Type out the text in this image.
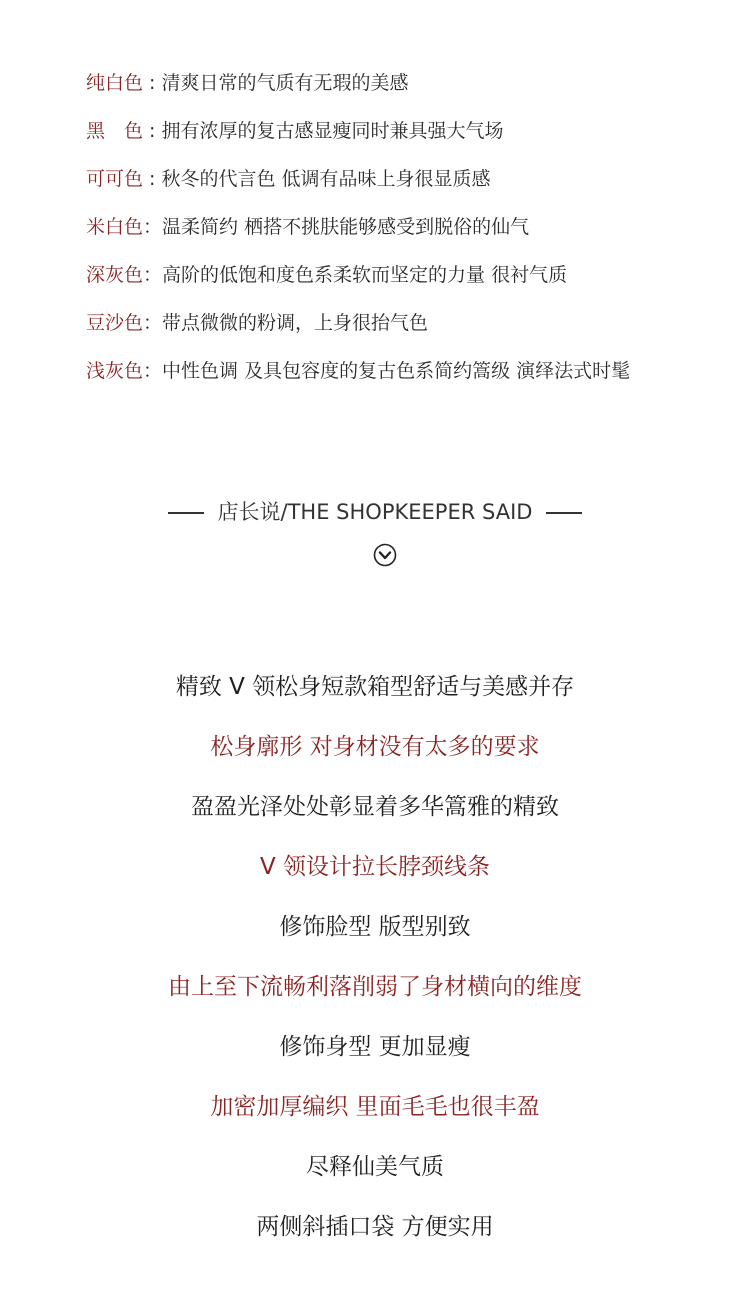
纯白色 : 清爽日常的气质有无瑕的美感
黑　色 : 拥有浓厚的复古感显瘦同时兼具强大气场
可可色 : 秋冬的代言色 低调有品味上身很显质感
米白色：温柔简约 栖搭不挑肤能够感受到脱俗的仙气
深灰色：高阶的低饱和度色系柔软而坚定的力量 很衬气质
豆沙色：带点微微的粉调，上身很抬气色
浅灰色：中性色调 及具包容度的复古色系简约篙级 演绎法式时髦
店长说/THE SHOPKEEPER SAID
精致 V 领松身短款箱型舒适与美感并存
松身廓形 对身材没有太多的要求
盈盈光泽处处彰显着多华篙雅的精致
V 领设计拉长脖颈线条
修饰脸型 版型别致
由上至下流畅利落削弱了身材横向的维度
修饰身型 更加显瘦
加密加厚编织 里面毛毛也很丰盈
尽释仙美气质
两侧斜插口袋 方便实用
